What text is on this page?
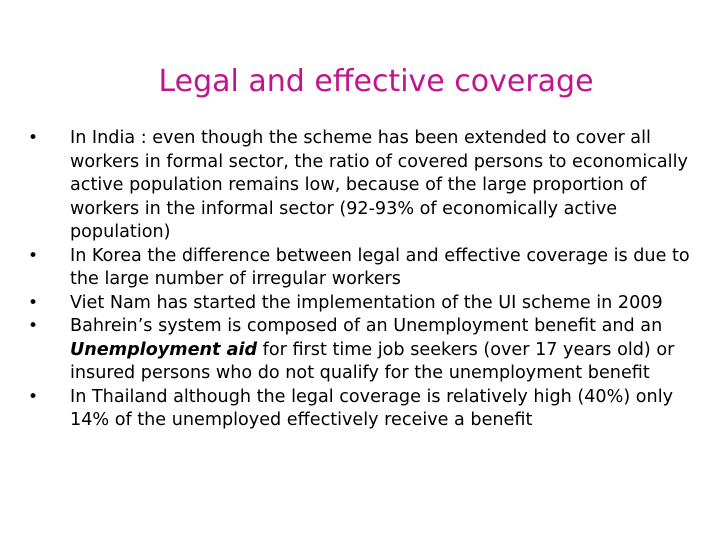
Legal and effective coverage
•	In India : even though the scheme has been extended to cover all workers in formal sector, the ratio of covered persons to economically active population remains low, because of the large proportion of workers in the informal sector (92-93% of economically active population)
•	In Korea the difference between legal and effective coverage is due to the large number of irregular workers
•	Viet Nam has started the implementation of the UI scheme in 2009
•	Bahrein’s system is composed of an Unemployment benefit and an Unemployment aid for first time job seekers (over 17 years old) or insured persons who do not qualify for the unemployment benefit
•	In Thailand although the legal coverage is relatively high (40%) only 14% of the unemployed effectively receive a benefit
